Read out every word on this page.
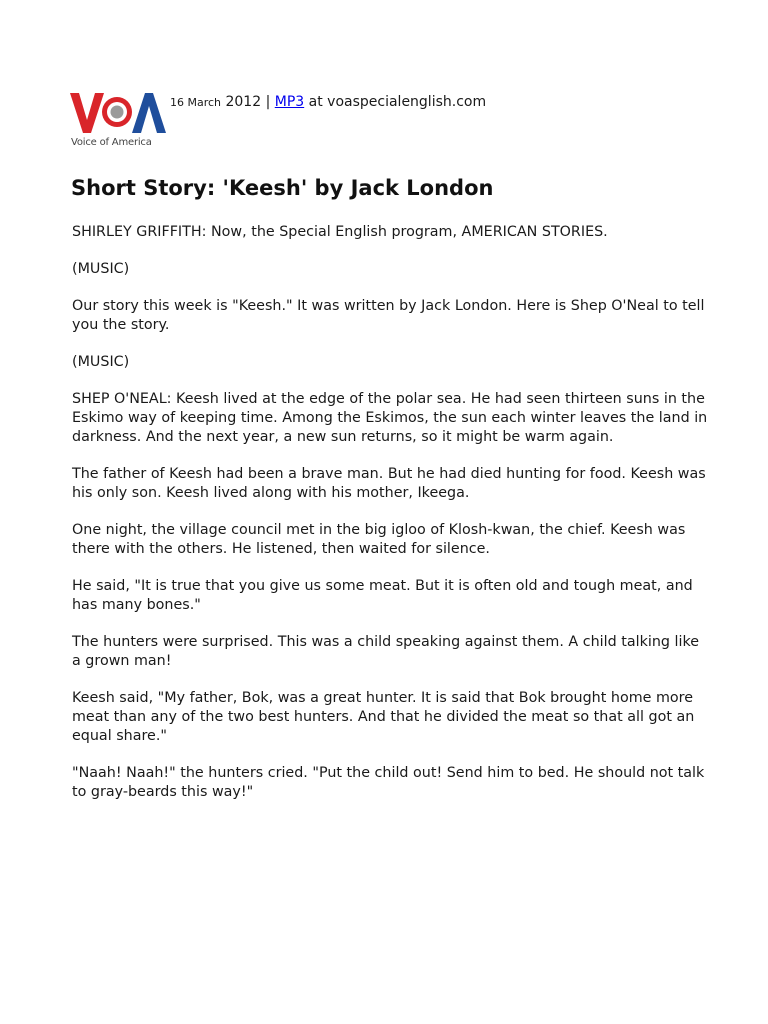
Voice of America
16 March 2012 | MP3 at voaspecialenglish.com
Short Story: 'Keesh' by Jack London

SHIRLEY GRIFFITH: Now, the Special English program, AMERICAN STORIES.

(MUSIC)

Our story this week is "Keesh." It was written by Jack London. Here is Shep O'Neal to tell you the story.

(MUSIC)

SHEP O'NEAL: Keesh lived at the edge of the polar sea. He had seen thirteen suns in the Eskimo way of keeping time. Among the Eskimos, the sun each winter leaves the land in darkness. And the next year, a new sun returns, so it might be warm again.

The father of Keesh had been a brave man. But he had died hunting for food. Keesh was his only son. Keesh lived along with his mother, Ikeega.

One night, the village council met in the big igloo of Klosh-kwan, the chief. Keesh was there with the others. He listened, then waited for silence.

He said, "It is true that you give us some meat. But it is often old and tough meat, and has many bones."

The hunters were surprised. This was a child speaking against them. A child talking like a grown man!

Keesh said, "My father, Bok, was a great hunter. It is said that Bok brought home more meat than any of the two best hunters. And that he divided the meat so that all got an equal share."

"Naah! Naah!" the hunters cried. "Put the child out! Send him to bed. He should not talk to gray-beards this way!"
